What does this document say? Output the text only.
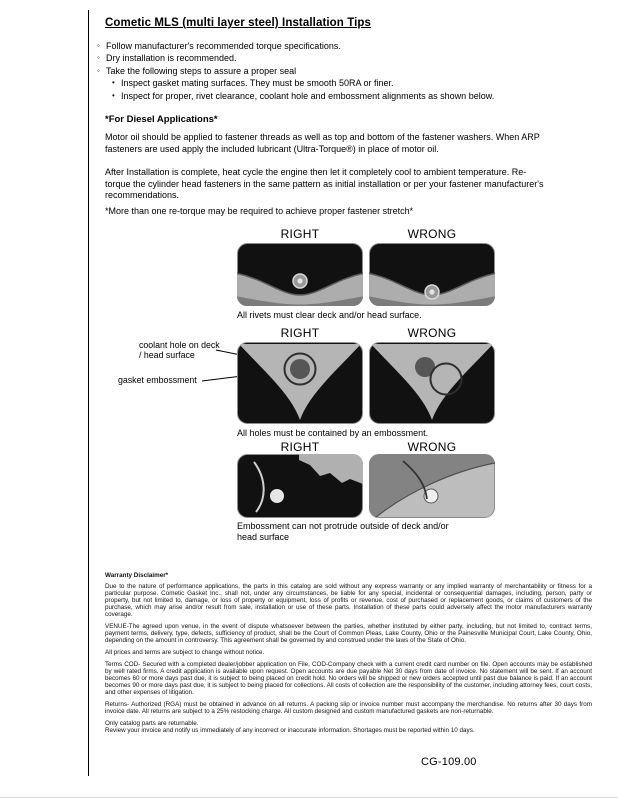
Cometic MLS (multi layer steel) Installation Tips
◦ Follow manufacturer's recommended torque specifications.
◦ Dry installation is recommended.
◦ Take the following steps to assure a proper seal
• Inspect gasket mating surfaces. They must be smooth 50RA or finer.
• Inspect for proper, rivet clearance, coolant hole and embossment alignments as shown below.
*For Diesel Applications*
Motor oil should be applied to fastener threads as well as top and bottom of the fastener washers. When ARP fasteners are used apply the included lubricant (Ultra-Torque®) in place of motor oil.
After Installation is complete, heat cycle the engine then let it completely cool to ambient temperature. Re-torque the cylinder head fasteners in the same pattern as initial installation or per your fastener manufacturer's recommendations.
*More than one re-torque may be required to achieve proper fastener stretch*
RIGHT	WRONG
All rivets must clear deck and/or head surface.
RIGHT	WRONG
coolant hole on deck / head surface
gasket embossment
All holes must be contained by an embossment.
RIGHT	WRONG
Embossment can not protrude outside of deck and/or head surface
Warranty Disclaimer*
Due to the nature of performance applications, the parts in this catalog are sold without any express warranty or any implied warranty of merchantability or fitness for a particular purpose. Cometic Gasket Inc., shall not, under any circumstances, be liable for any special, incidental or consequential damages, including, person, party or property, but not limited to, damage, or loss of property or equipment, loss of profits or revenue, cost of purchased or replacement goods, or claims of customers of the purchase, which may arise and/or result from sale, installation or use of these parts. Installation of these parts could adversely affect the motor manufacturers warranty coverage.
VENUE-The agreed upon venue, in the event of dispute whatsoever between the parties, whether instituted by either party, including, but not limited to, contract terms, payment terms, delivery, type, defects, sufficiency of product, shall be the Court of Common Pleas, Lake County, Ohio or the Painesville Municipal Court, Lake County, Ohio, depending on the amount in controversy. This agreement shall be governed by and construed under the laws of the State of Ohio.
All prices and terms are subject to change without notice.
Terms COD- Secured with a completed dealer/jobber application on File, COD-Company check with a current credit card number on file. Open accounts may be established by well rated firms. A credit application is available upon request. Open accounts are due payable Net 30 days from date of invoice. No statement will be sent. If an account becomes 60 or more days past due, it is subject to being placed on credit hold. No orders will be shipped or new orders accepted until past due balance is paid. If an account becomes 90 or more days past due, it is subject to being placed for collections. All costs of collection are the responsibility of the customer, including attorney fees, court costs, and other expenses of litigation.
Returns- Authorized (RGA) must be obtained in advance on all returns. A packing slip or invoice number must accompany the merchandise. No returns after 30 days from invoice date. All returns are subject to a 25% restocking charge. All custom designed and custom manufactured gaskets are non-returnable.
Only catalog parts are returnable.
Review your invoice and notify us immediately of any incorrect or inaccurate information. Shortages must be reported within 10 days.
CG-109.00
